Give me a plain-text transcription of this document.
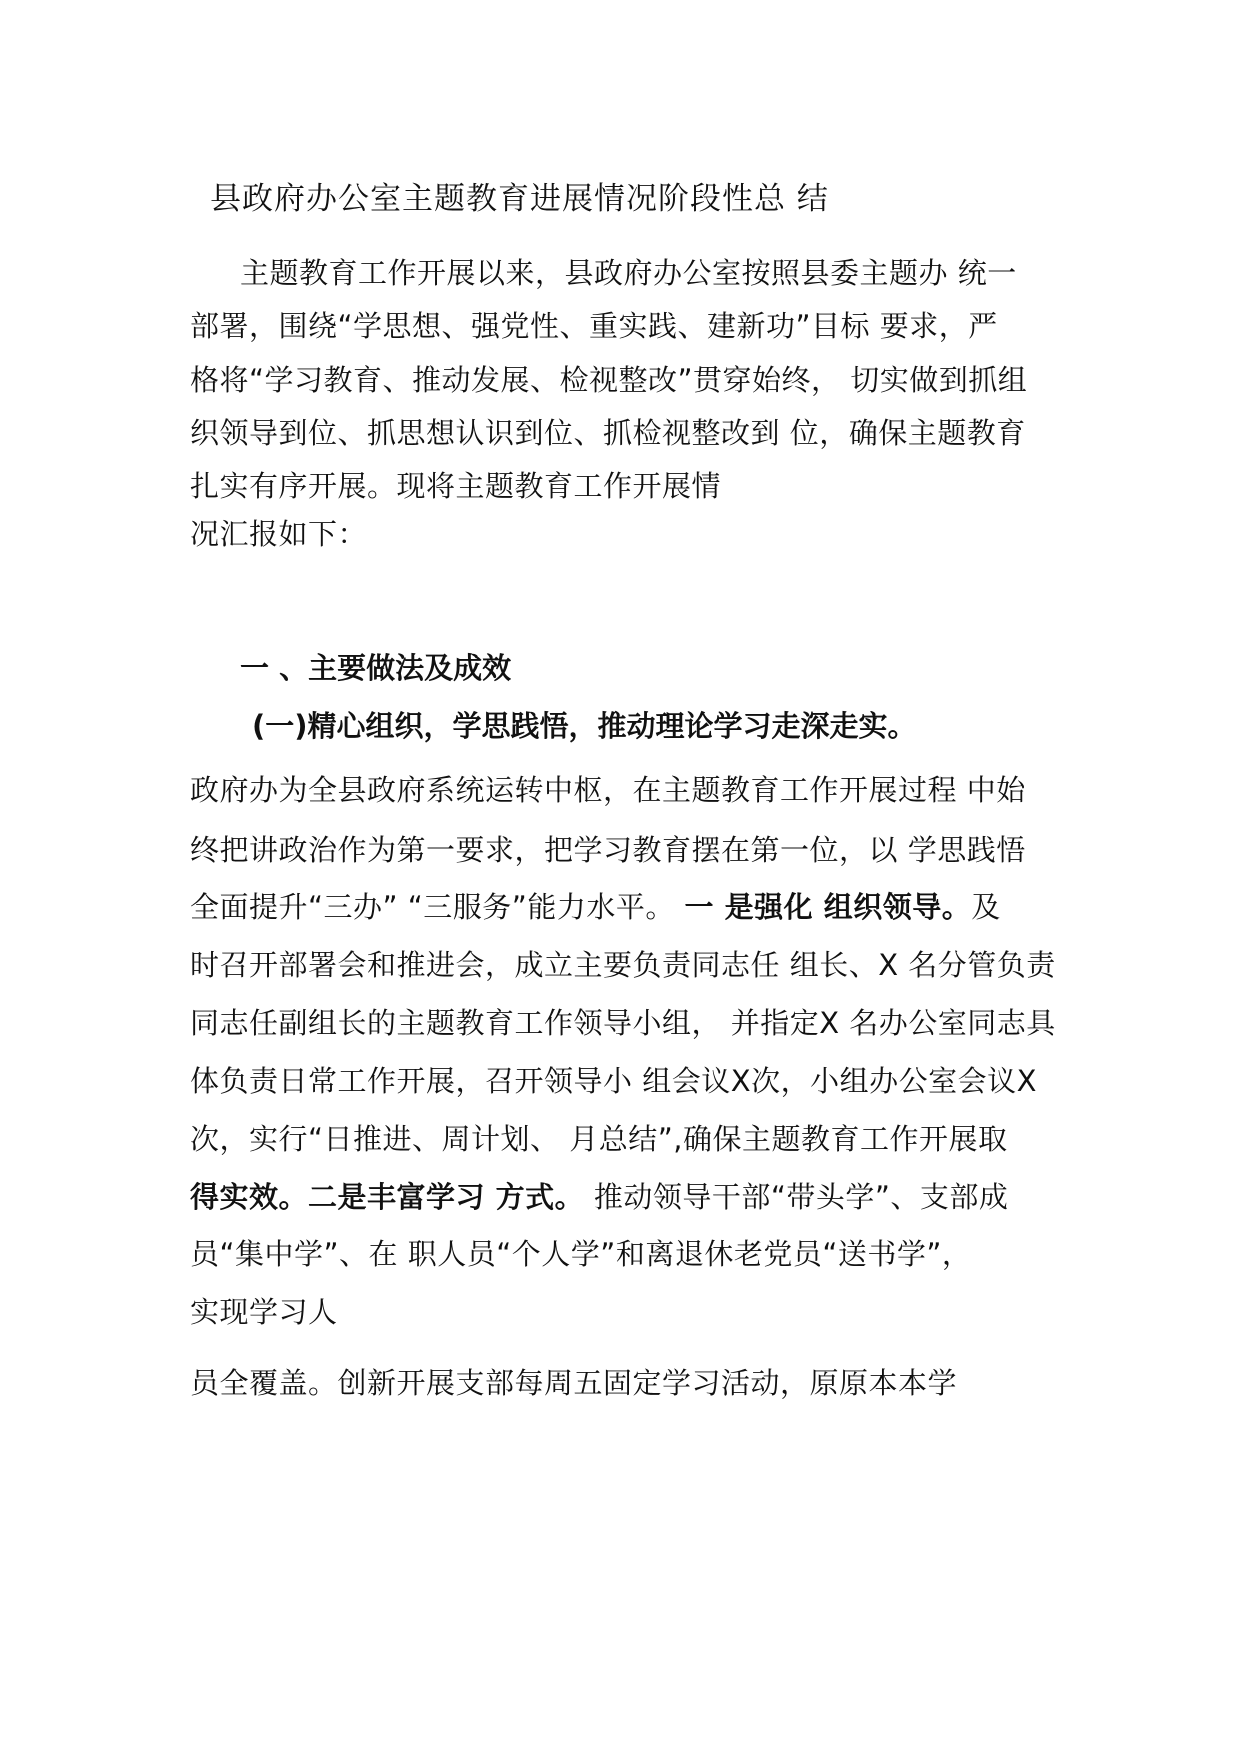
县政府办公室主题教育进展情况阶段性总 结
主题教育工作开展以来，县政府办公室按照县委主题办 统一
部署，围绕“学思想、强党性、重实践、建新功”目标 要求，严
格将“学习教育、推动发展、检视整改”贯穿始终， 切实做到抓组
织领导到位、抓思想认识到位、抓检视整改到 位，确保主题教育
扎实有序开展。现将主题教育工作开展情
况汇报如下：
一 、主要做法及成效
(一)精心组织，学思践悟，推动理论学习走深走实。
政府办为全县政府系统运转中枢，在主题教育工作开展过程 中始
终把讲政治作为第一要求，把学习教育摆在第一位，以 学思践悟
全面提升“三办” “三服务”能力水平。 一 是强化 组织领导。及
时召开部署会和推进会，成立主要负责同志任 组长、X 名分管负责
同志任副组长的主题教育工作领导小组， 并指定X 名办公室同志具
体负责日常工作开展，召开领导小 组会议X次，小组办公室会议X
次，实行“日推进、周计划、 月总结”,确保主题教育工作开展取
得实效。二是丰富学习 方式。 推动领导干部“带头学”、支部成
员“集中学”、在 职人员“个人学”和离退休老党员“送书学”，
实现学习人
员全覆盖。创新开展支部每周五固定学习活动，原原本本学
